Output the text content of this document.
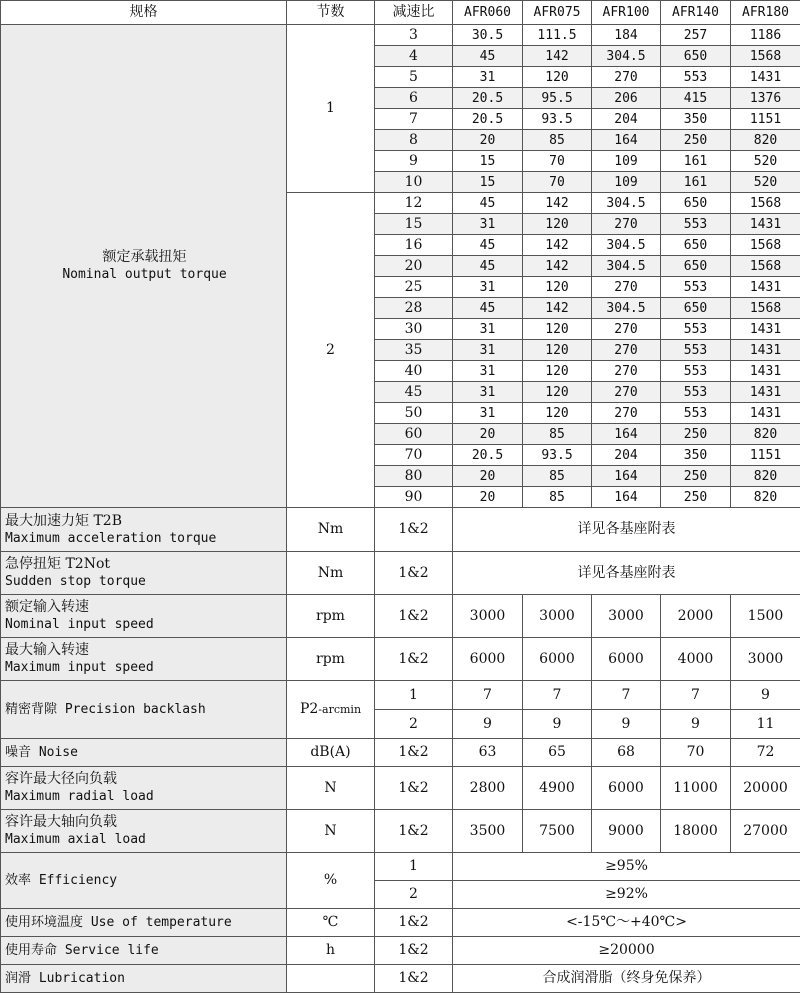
规格	节数	减速比	AFR060	AFR075	AFR100	AFR140	AFR180
额定承载扭矩
Nominal output torque	1	3	30.5	111.5	184	257	1186
		4	45	142	304.5	650	1568
		5	31	120	270	553	1431
		6	20.5	95.5	206	415	1376
		7	20.5	93.5	204	350	1151
		8	20	85	164	250	820
		9	15	70	109	161	520
		10	15	70	109	161	520
	2	12	45	142	304.5	650	1568
		15	31	120	270	553	1431
		16	45	142	304.5	650	1568
		20	45	142	304.5	650	1568
		25	31	120	270	553	1431
		28	45	142	304.5	650	1568
		30	31	120	270	553	1431
		35	31	120	270	553	1431
		40	31	120	270	553	1431
		45	31	120	270	553	1431
		50	31	120	270	553	1431
		60	20	85	164	250	820
		70	20.5	93.5	204	350	1151
		80	20	85	164	250	820
		90	20	85	164	250	820
最大加速力矩 T2B
Maximum acceleration torque	Nm	1&2	详见各基座附表				
急停扭矩 T2Not
Sudden stop torque	Nm	1&2	详见各基座附表				
额定输入转速
Nominal input speed	rpm	1&2	3000	3000	3000	2000	1500
最大输入转速
Maximum input speed	rpm	1&2	6000	6000	6000	4000	3000
精密背隙 Precision backlash	P2-arcmin	1	7	7	7	7	9
		2	9	9	9	9	11
噪音 Noise	dB(A)	1&2	63	65	68	70	72
容许最大径向负载
Maximum radial load	N	1&2	2800	4900	6000	11000	20000
容许最大轴向负载
Maximum axial load	N	1&2	3500	7500	9000	18000	27000
效率 Efficiency	%	1	≥95%				
		2	≥92%				
使用环境温度 Use of temperature	℃	1&2	<-15℃～+40℃>				
使用寿命 Service life	h	1&2	≥20000				
润滑 Lubrication		1&2	合成润滑脂（终身免保养）				
